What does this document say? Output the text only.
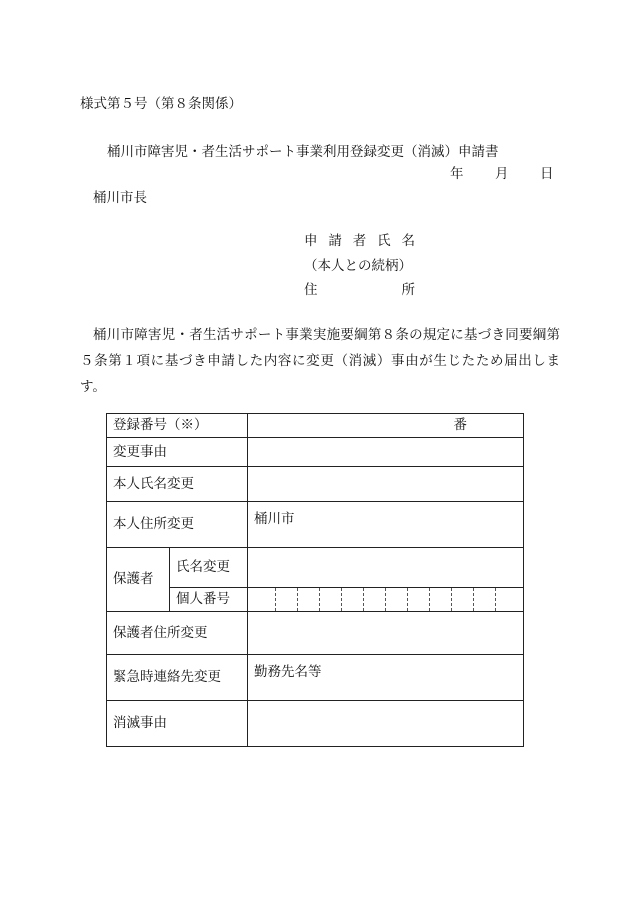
様式第５号（第８条関係）
桶川市障害児・者生活サポート事業利用登録変更（消滅）申請書
年 月 日
桶川市長
申 請 者 氏 名
（本人との続柄）
住	所
桶川市障害児・者生活サポート事業実施要綱第８条の規定に基づき同要綱第５条第１項に基づき申請した内容に変更（消滅）事由が生じたため届出します。
登録番号（※）		番
変更事由		
本人氏名変更		
本人住所変更		桶川市
保護者	氏名変更	
	個人番号	

保護者住所変更		
緊急時連絡先変更		勤務先名等
消滅事由		
